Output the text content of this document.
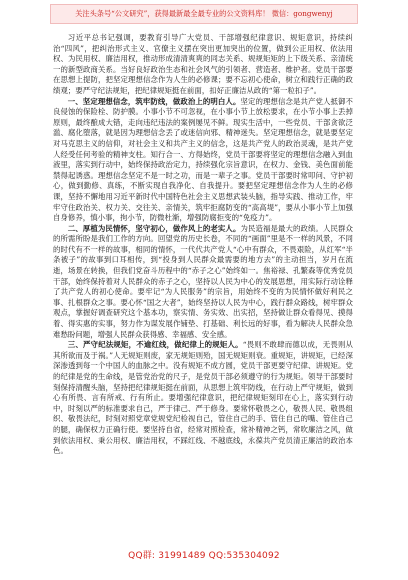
关注头条号“公文研究”，获得最新最全最专业的公文资料库！ 微信：gongwenyj

习近平总书记强调，要教育引导广大党员、干部增强纪律意识、规矩意识，持续纠治“四风”，把纠治形式主义、官僚主义摆在突出更加突出的位置，做到公正用权、依法用权、为民用权、廉洁用权，推动形成清清爽爽的同志关系、规规矩矩的上下级关系、亲清统一的新型政商关系。当好良好政治生态和社会风气的引领者、营造者、维护者。党员干部要在思想上提防，把坚定理想信念作为人生的必修课；要不忘初心使命，树立和践行正确的政绩观；要严守纪法规矩，把纪律规矩挺在前面，扣好正廉洁从政的“第一粒扣子”。

一、坚定理想信念，筑牢防线，做政治上的明白人。坚定的理想信念是共产党人抵御不良侵蚀的保险栓、防护膜。小事小节不可忽视，在小事小节上放松要求，在小节小事上丢掉原则，最终酿成大错，走向违纪违法的案例屡见不鲜。现实生活中，一些党员、干部贪欲泛滥、腐化堕落，就是因为理想信念丢了或迷信向邪、精神迷失。坚定理想信念，就是要坚定对马克思主义的信仰，对社会主义和共产主义的信念，这是共产党人的政治灵魂，是共产党人经受任何考验的精神支柱。知行合一、方得始终，党员干部要将坚定的理想信念融入到血液里，落实到行动中，始终保持政治定力，持续强化宗旨意识，在权力、金钱、美色面前能禁得起诱惑。理想信念坚定不是一时之功，而是一辈子之事。党员干部要时常叩问、守护初心，做到勤修、真练，不断实现自我净化、自我提升。要把坚定理想信念作为人生的必修课，坚持不懈地用习近平新时代中国特色社会主义思想武装头脑，指导实践、推动工作，牢牢守住政治关、权力关、交往关、亲情关，筑牢拒腐防变的“高高堤”，要从小事小节上加强自身修养，慎小事，拘小节，防微杜渐，增强防腐拒变的“免疫力”。

二、厚植为民情怀，坚守初心，做作风上的老实人。为民造福是最大的政绩。人民群众的所需所盼是我们工作的方向。回望党的历史长卷，不同的“画面”里是不一样的风景，不同的时代有不一样的故事，相同的情怀，一代代共产党人“心中有群众，不畏艰险，从红军“半条被子”的故事到口耳相传，到“投身到人民群众最需要的地方去”的主动担当，岁月在流逝，场景在转换，但我们党奋斗历程中的“赤子之心”始终如一。焦裕禄、孔繁森等优秀党员干部，始终保持着对人民群众的赤子之心，坚持以人民为中心的发展思想，用实际行动诠释了共产党人的初心使命。要牢记“为人民服务”的宗旨，用始终不变的为民情怀做好利民之事、扎根群众之事。要心怀“国之大者”，始终坚持以人民为中心，践行群众路线，树牢群众观点，掌握好调查研究这个基本功，察实情、务实效、出实招，坚持做让群众看得见、摸得着、得实惠的实事，努力作为谋发展作铺垫、打基础、利长远的好事，看为解决人民群众急难愁盼问题，增强人民群众获得感、幸福感、安全感。

三、严守纪法规矩，不逾红线，做纪律上的规矩人。“畏则不敢肆而德以成，无畏则从其所欲而及于祸。”人无规矩则废，家无规矩则殆，国无规矩则衰。重规矩，讲规矩，已经深深渗透到每一个中国人的血脉之中。没有规矩不成方圆，党员干部更要守纪律、讲规矩。党的纪律是党的生命线，是管党治党的尺子，是党员干部必须遵守的行为规矩。领导干部要时刻保持清醒头脑，坚持把纪律规矩挺在前面，从思想上筑牢防线，在行动上严守规矩，做到心有所畏、言有所戒、行有所止。要增强纪律意识，把纪律规矩刻印在心上，落实到行动中，时刻以严的标准要求自己，严于律己、严于修身。要常怀敬畏之心，敬畏人民、敬畏组织、敬畏法纪，时刻对照党章党规党纪检视自己，管住自己的手、管住自己的嘴、管住自己的腿，确保权力正确行使。要坚持自省，经常对照检查，常补精神之钙，常吹廉洁之风，做到依法用权、秉公用权、廉洁用权，不踩红线、不越底线，永葆共产党员清正廉洁的政治本色。

QQ群: 31991489 QQ:535304092
